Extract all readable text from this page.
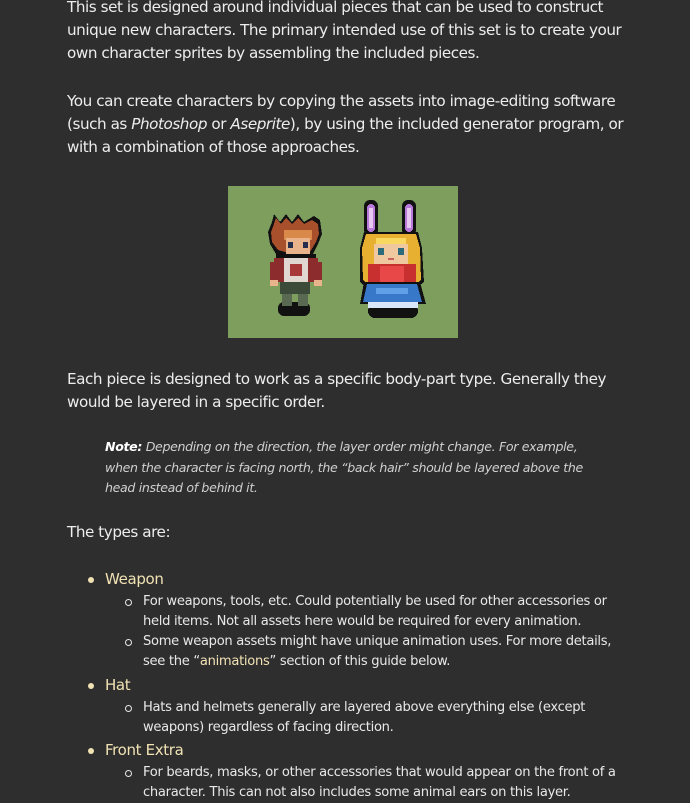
This set is designed around individual pieces that can be used to construct unique new characters. The primary intended use of this set is to create your own character sprites by assembling the included pieces.

You can create characters by copying the assets into image-editing software (such as Photoshop or Aseprite), by using the included generator program, or with a combination of those approaches.

Each piece is designed to work as a specific body-part type. Generally they would be layered in a specific order.

Note: Depending on the direction, the layer order might change. For example, when the character is facing north, the “back hair” should be layered above the head instead of behind it.

The types are:

Weapon
For weapons, tools, etc. Could potentially be used for other accessories or held items. Not all assets here would be required for every animation.
Some weapon assets might have unique animation uses. For more details, see the “animations” section of this guide below.
Hat
Hats and helmets generally are layered above everything else (except weapons) regardless of facing direction.
Front Extra
For beards, masks, or other accessories that would appear on the front of a character. This can not also includes some animal ears on this layer.
